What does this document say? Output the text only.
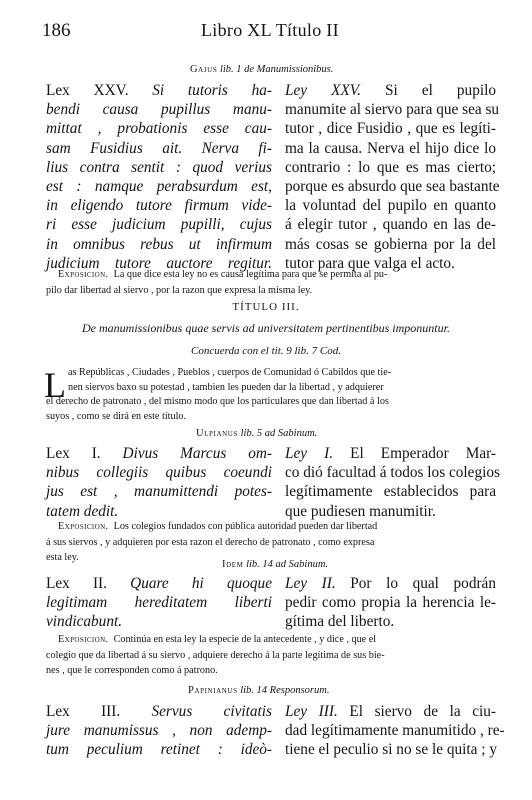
186	Libro XL Título II
Gajus lib. 1 de Manumissionibus.
Lex XXV. Si tutoris ha-
bendi causa pupillus manu-
mittat , probationis esse cau-
sam Fusidius ait. Nerva fi-
lius contra sentit : quod verius
est : namque perabsurdum est,
in eligendo tutore firmum vide-
ri esse judicium pupilli, cujus
in omnibus rebus ut infirmum
judicium tutore auctore regitur.
Ley XXV. Si el pupilo
manumite al siervo para que sea su
tutor , dice Fusidio , que es legíti-
ma la causa. Nerva el hijo dice lo
contrario : lo que es mas cierto;
porque es absurdo que sea bastante
la voluntad del pupilo en quanto
á elegir tutor , quando en las de-
más cosas se gobierna por la del
tutor para que valga el acto.
Exposicion. La que dice esta ley no es causa legítima para que se permita al pu-
pilo dar libertad al siervo , por la razon que expresa la misma ley.
TÍTULO III.
De manumissionibus quae servis ad universitatem pertinentibus imponuntur.
Concuerda con el tit. 9 lib. 7 Cod.
L as Repúblicas , Ciudades , Pueblos , cuerpos de Comunidad ó Cabildos que tie-
nen siervos baxo su potestad , tambien les pueden dar la libertad , y adquierer
el derecho de patronato , del mismo modo que los particulares que dan libertad á los
suyos , como se dirá en este título.
Ulpianus lib. 5 ad Sabinum.
Lex I. Divus Marcus om-
nibus collegiis quibus coeundi
jus est , manumittendi potes-
tatem dedit.
Ley I. El Emperador Mar-
co dió facultad á todos los colegios
legítimamente establecidos para
que pudiesen manumitir.
Exposicion. Los colegios fundados con pública autoridad pueden dar libertad
á sus siervos , y adquieren por esta razon el derecho de patronato , como expresa
esta ley.
Idem lib. 14 ad Sabinum.
Lex II. Quare hi quoque
legitimam hereditatem liberti
vindicabunt.
Ley II. Por lo qual podrán
pedir como propia la herencia le-
gítima del liberto.
Exposicion. Continúa en esta ley la especie de la antecedente , y dice , que el
colegio que da libertad á su siervo , adquiere derecho á la parte legítima de sus bie-
nes , que le corresponden como á patrono.
Papinianus lib. 14 Responsorum.
Lex III. Servus civitatis
jure manumissus , non ademp-
tum peculium retinet : ideò-
Ley III. El siervo de la ciu-
dad legítimamente manumitido , re-
tiene el peculio si no se le quita ; y
